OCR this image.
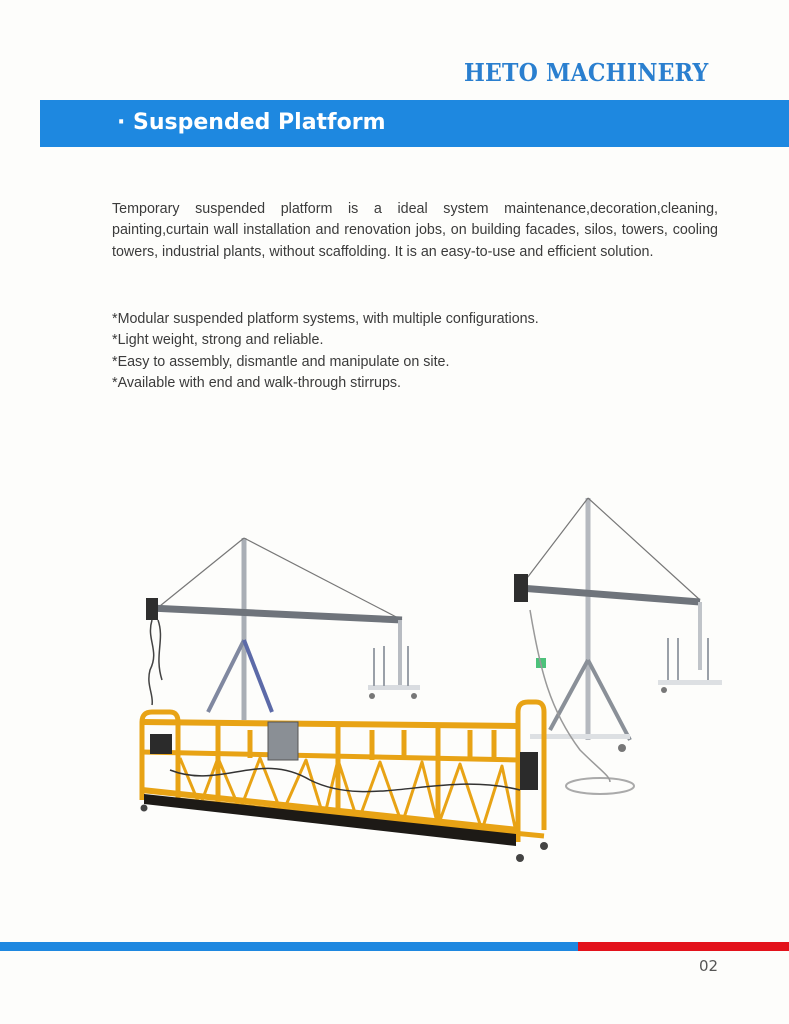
HETO MACHINERY
· Suspended Platform

Temporary suspended platform is a ideal system maintenance,decoration,cleaning, painting,curtain wall installation and renovation jobs, on building facades, silos, towers, cooling towers, industrial plants, without scaffolding. It is an easy-to-use and efficient solution.

*Modular suspended platform systems, with multiple configurations.
*Light weight, strong and reliable.
*Easy to assembly, dismantle and manipulate on site.
*Available with end and walk-through stirrups.
02
